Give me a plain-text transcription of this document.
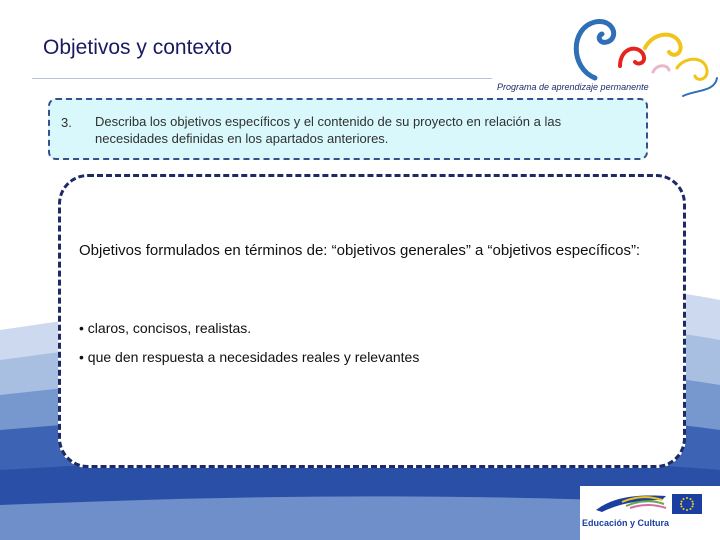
Objetivos y contexto
Programa de aprendizaje permanente
3. Describa los objetivos específicos y el contenido de su proyecto en relación a las necesidades definidas en los apartados anteriores.
Objetivos formulados en términos de: “objetivos generales” a “objetivos específicos”:
• claros, concisos, realistas.
• que den respuesta a necesidades reales y relevantes
Educación y Cultura
